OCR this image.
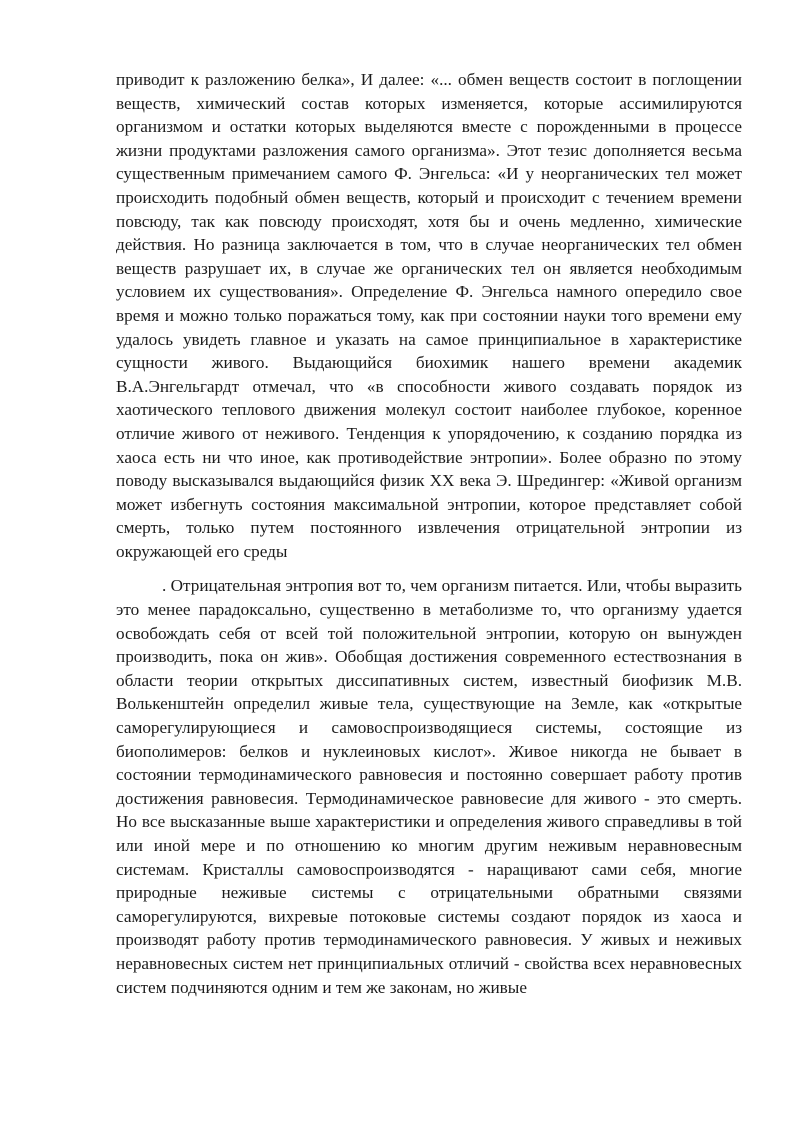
приводит к разложению белка», И далее: «... обмен веществ состоит в поглощении веществ, химический состав которых изменяется, которые ассимилируются организмом и остатки которых выделяются вместе с порожденными в процессе жизни продуктами разложения самого организма». Этот тезис дополняется весьма существенным примечанием самого Ф. Энгельса: «И у неорганических тел может происходить подобный обмен веществ, который и происходит с течением времени повсюду, так как повсюду происходят, хотя бы и очень медленно, химические действия. Но разница заключается в том, что в случае неорганических тел обмен веществ разрушает их, в случае же органических тел он является необходимым условием их существования». Определение Ф. Энгельса намного опередило свое время и можно только поражаться тому, как при состоянии науки того времени ему удалось увидеть главное и указать на самое принципиальное в характеристике сущности живого. Выдающийся биохимик нашего времени академик В.А.Энгельгардт отмечал, что «в способности живого создавать порядок из хаотического теплового движения молекул состоит наиболее глубокое, коренное отличие живого от неживого. Тенденция к упорядочению, к созданию порядка из хаоса есть ни что иное, как противодействие энтропии». Более образно по этому поводу высказывался выдающийся физик XX века Э. Шредингер: «Живой организм может избегнуть состояния максимальной энтропии, которое представляет собой смерть, только путем постоянного извлечения отрицательной энтропии из окружающей его среды

. Отрицательная энтропия вот то, чем организм питается. Или, чтобы выразить это менее парадоксально, существенно в метаболизме то, что организму удается освобождать себя от всей той положительной энтропии, которую он вынужден производить, пока он жив». Обобщая достижения современного естествознания в области теории открытых диссипативных систем, известный биофизик М.В. Волькенштейн определил живые тела, существующие на Земле, как «открытые саморегулирующиеся и самовоспроизводящиеся системы, состоящие из биополимеров: белков и нуклеиновых кислот». Живое никогда не бывает в состоянии термодинамического равновесия и постоянно совершает работу против достижения равновесия. Термодинамическое равновесие для живого - это смерть. Но все высказанные выше характеристики и определения живого справедливы в той или иной мере и по отношению ко многим другим неживым неравновесным системам. Кристаллы самовоспроизводятся - наращивают сами себя, многие природные неживые системы с отрицательными обратными связями саморегулируются, вихревые потоковые системы создают порядок из хаоса и производят работу против термодинамического равновесия. У живых и неживых неравновесных систем нет принципиальных отличий - свойства всех неравновесных систем подчиняются одним и тем же законам, но живые
